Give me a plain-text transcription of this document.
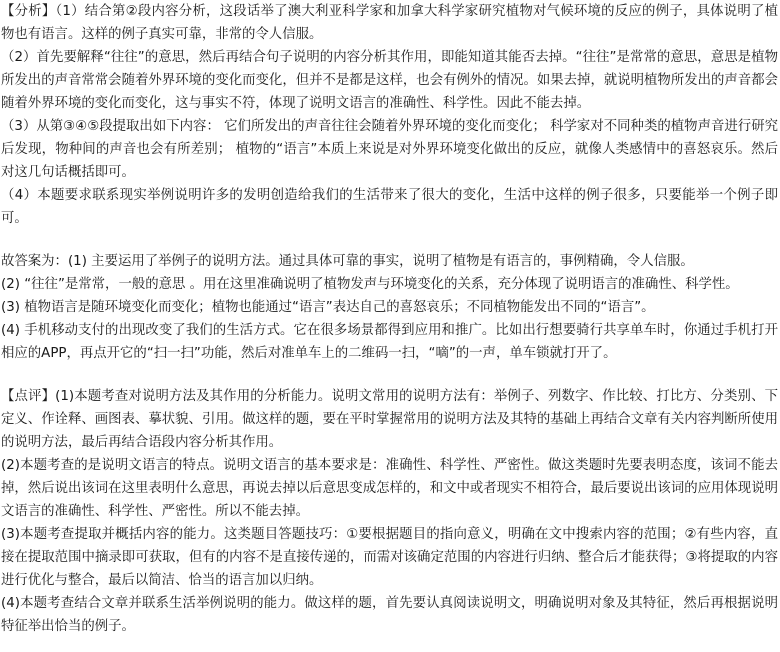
【分析】（1）结合第②段内容分析，这段话举了澳大利亚科学家和加拿大科学家研究植物对气候环境的反应的例子，具体说明了植物也有语言。这样的例子真实可靠，非常的令人信服。

（2）首先要解释“往往”的意思，然后再结合句子说明的内容分析其作用，即能知道其能否去掉。“往往”是常常的意思，意思是植物所发出的声音常常会随着外界环境的变化而变化，但并不是都是这样，也会有例外的情况。如果去掉，就说明植物所发出的声音都会随着外界环境的变化而变化，这与事实不符，体现了说明文语言的准确性、科学性。因此不能去掉。

（3）从第③④⑤段提取出如下内容： 它们所发出的声音往往会随着外界环境的变化而变化； 科学家对不同种类的植物声音进行研究后发现，物种间的声音也会有所差别； 植物的“语言”本质上来说是对外界环境变化做出的反应，就像人类感情中的喜怒哀乐。然后对这几句话概括即可。

（4）本题要求联系现实举例说明许多的发明创造给我们的生活带来了很大的变化，生活中这样的例子很多，只要能举一个例子即可。

故答案为：(1) 主要运用了举例子的说明方法。通过具体可靠的事实，说明了植物是有语言的，事例精确，令人信服。

(2) “往往”是常常，一般的意思 。用在这里准确说明了植物发声与环境变化的关系，充分体现了说明语言的准确性、科学性。

(3) 植物语言是随环境变化而变化；植物也能通过“语言”表达自己的喜怒哀乐；不同植物能发出不同的“语言”。

(4) 手机移动支付的出现改变了我们的生活方式。它在很多场景都得到应用和推广。比如出行想要骑行共享单车时，你通过手机打开相应的APP，再点开它的“扫一扫”功能，然后对准单车上的二维码一扫，“嘀”的一声，单车锁就打开了。

【点评】(1)本题考查对说明方法及其作用的分析能力。说明文常用的说明方法有：举例子、列数字、作比较、打比方、分类别、下定义、作诠释、画图表、摹状貌、引用。做这样的题，要在平时掌握常用的说明方法及其特的基础上再结合文章有关内容判断所使用的说明方法，最后再结合语段内容分析其作用。

(2)本题考查的是说明文语言的特点。说明文语言的基本要求是：准确性、科学性、严密性。做这类题时先要表明态度，该词不能去掉，然后说出该词在这里表明什么意思，再说去掉以后意思变成怎样的，和文中或者现实不相符合，最后要说出该词的应用体现说明文语言的准确性、科学性、严密性。所以不能去掉。

(3)本题考查提取并概括内容的能力。这类题目答题技巧：①要根据题目的指向意义，明确在文中搜索内容的范围；②有些内容，直接在提取范围中摘录即可获取，但有的内容不是直接传递的，而需对该确定范围的内容进行归纳、整合后才能获得；③将提取的内容进行优化与整合，最后以简洁、恰当的语言加以归纳。

(4)本题考查结合文章并联系生活举例说明的能力。做这样的题，首先要认真阅读说明文，明确说明对象及其特征，然后再根据说明特征举出恰当的例子。
